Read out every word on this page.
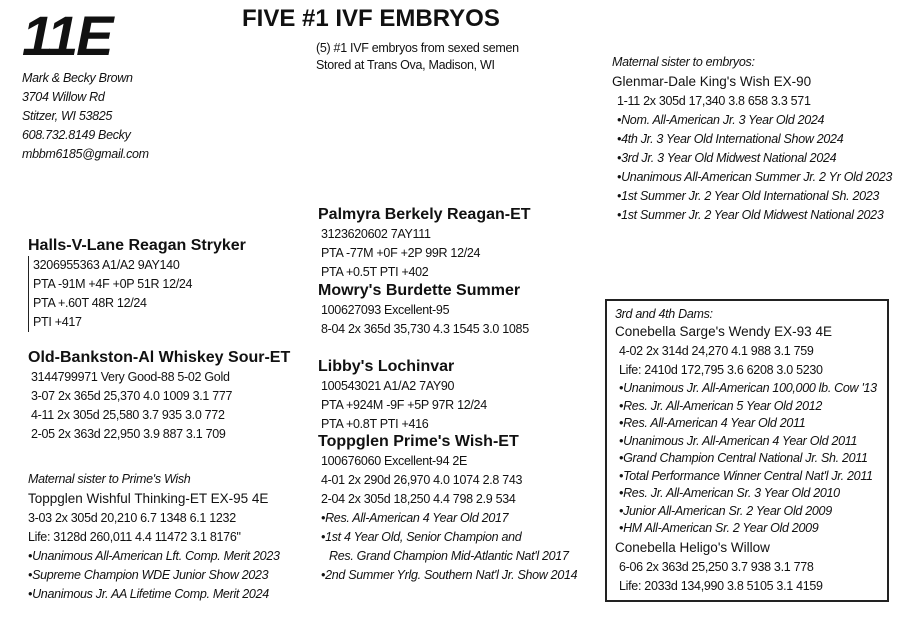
11E	FIVE #1 IVF EMBRYOS
(5) #1 IVF embryos from sexed semen
Stored at Trans Ova, Madison, WI
Mark & Becky Brown
3704 Willow Rd
Stitzer, WI 53825
608.732.8149 Becky
mbbm6185@gmail.com
Halls-V-Lane Reagan Stryker
3206955363 A1/A2 9AY140
PTA -91M +4F +0P 51R 12/24
PTA +.60T 48R 12/24
PTI +417
Old-Bankston-Al Whiskey Sour-ET
3144799971 Very Good-88 5-02 Gold
3-07 2x 365d 25,370 4.0 1009 3.1 777
4-11 2x 305d 25,580 3.7 935 3.0 772
2-05 2x 363d 22,950 3.9 887 3.1 709
Maternal sister to Prime's Wish
Toppglen Wishful Thinking-ET EX-95 4E
3-03 2x 305d 20,210 6.7 1348 6.1 1232
Life: 3128d 260,011 4.4 11472 3.1 8176"
•Unanimous All-American Lft. Comp. Merit 2023
•Supreme Champion WDE Junior Show 2023
•Unanimous Jr. AA Lifetime Comp. Merit 2024
Palmyra Berkely Reagan-ET
3123620602 7AY111
PTA -77M +0F +2P 99R 12/24
PTA +0.5T PTI +402
Mowry's Burdette Summer
100627093 Excellent-95
8-04 2x 365d 35,730 4.3 1545 3.0 1085
Libby's Lochinvar
100543021 A1/A2 7AY90
PTA +924M -9F +5P 97R 12/24
PTA +0.8T PTI +416
Toppglen Prime's Wish-ET
100676060 Excellent-94 2E
4-01 2x 290d 26,970 4.0 1074 2.8 743
2-04 2x 305d 18,250 4.4 798 2.9 534
•Res. All-American 4 Year Old 2017
•1st 4 Year Old, Senior Champion and
Res. Grand Champion Mid-Atlantic Nat'l 2017
•2nd Summer Yrlg. Southern Nat'l Jr. Show 2014
Maternal sister to embryos:
Glenmar-Dale King's Wish EX-90
1-11 2x 305d 17,340 3.8 658 3.3 571
•Nom. All-American Jr. 3 Year Old 2024
•4th Jr. 3 Year Old International Show 2024
•3rd Jr. 3 Year Old Midwest National 2024
•Unanimous All-American Summer Jr. 2 Yr Old 2023
•1st Summer Jr. 2 Year Old International Sh. 2023
•1st Summer Jr. 2 Year Old Midwest National 2023
3rd and 4th Dams:
Conebella Sarge's Wendy EX-93 4E
4-02 2x 314d 24,270 4.1 988 3.1 759
Life: 2410d 172,795 3.6 6208 3.0 5230
•Unanimous Jr. All-American 100,000 lb. Cow '13
•Res. Jr. All-American 5 Year Old 2012
•Res. All-American 4 Year Old 2011
•Unanimous Jr. All-American 4 Year Old 2011
•Grand Champion Central National Jr. Sh. 2011
•Total Performance Winner Central Nat'l Jr. 2011
•Res. Jr. All-American Sr. 3 Year Old 2010
•Junior All-American Sr. 2 Year Old 2009
•HM All-American Sr. 2 Year Old 2009
Conebella Heligo's Willow
6-06 2x 363d 25,250 3.7 938 3.1 778
Life: 2033d 134,990 3.8 5105 3.1 4159
